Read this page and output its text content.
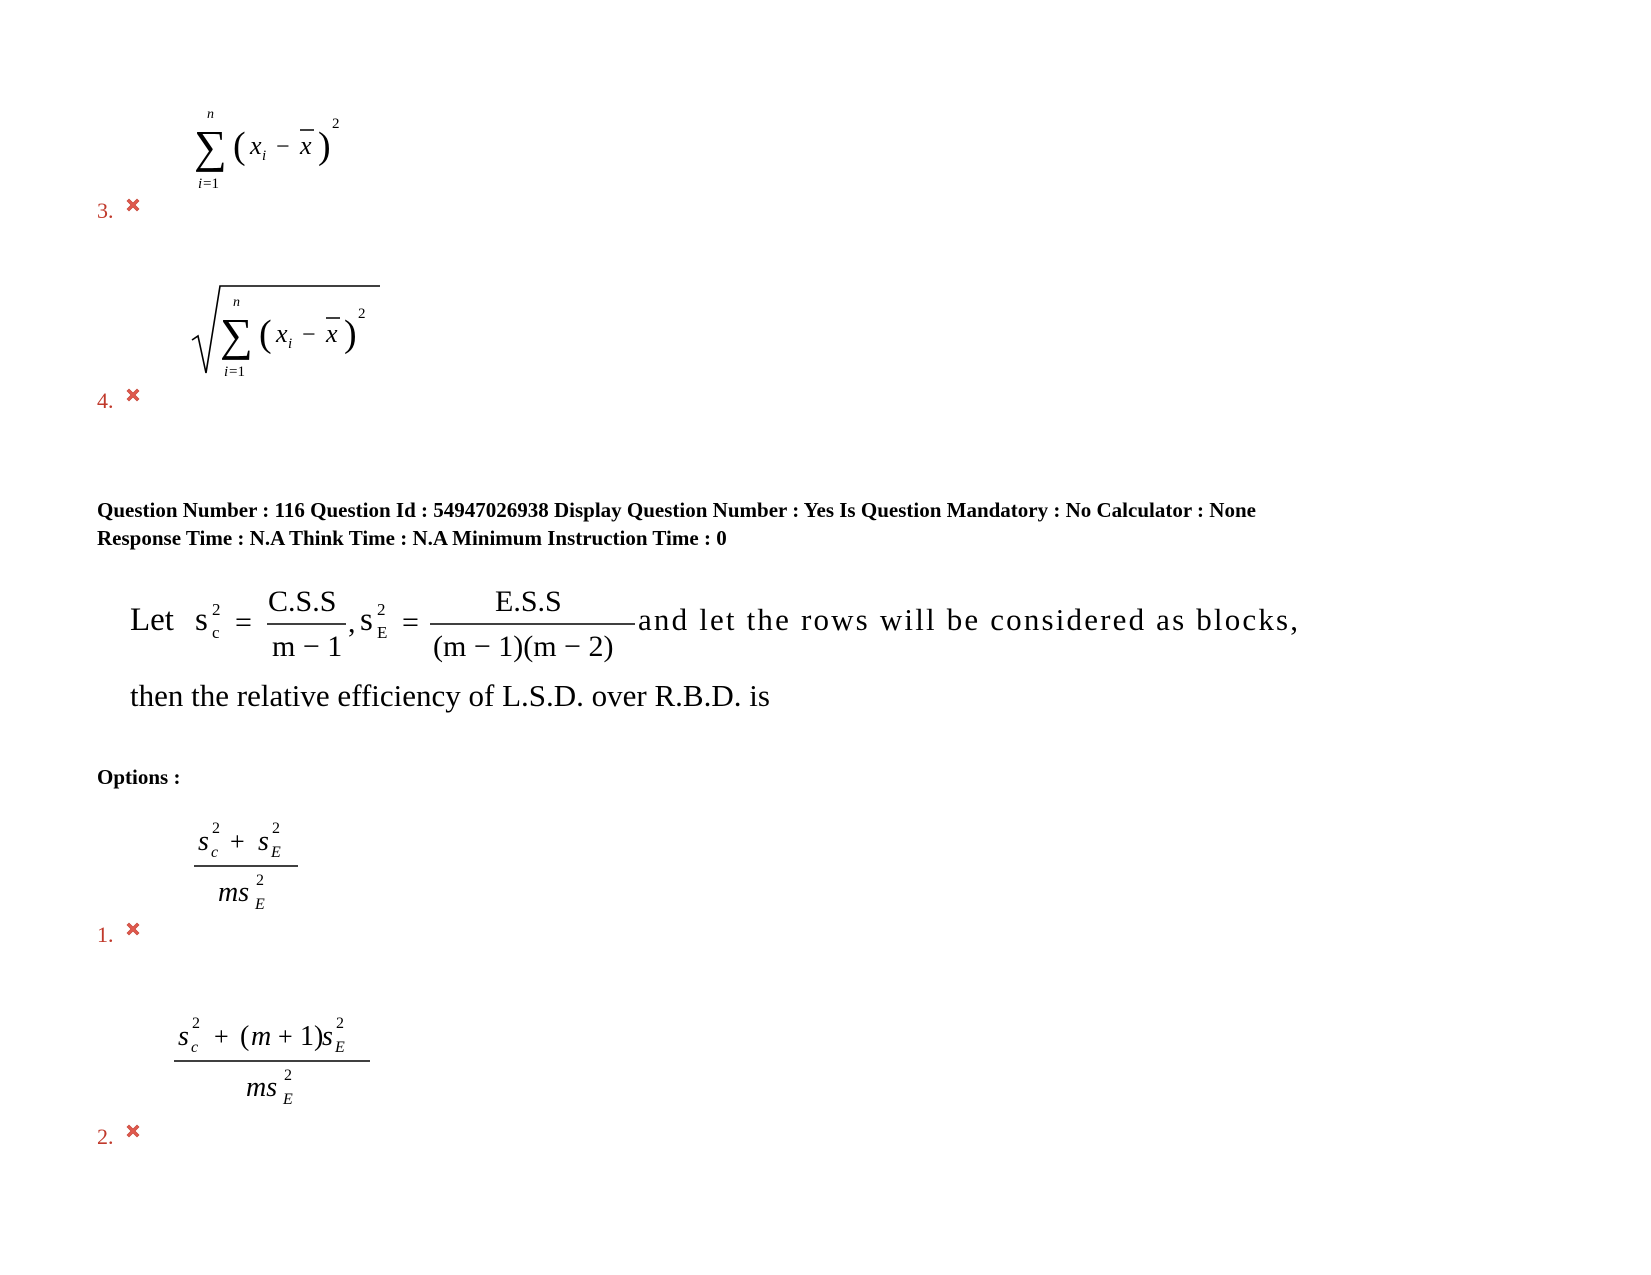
n
∑
i =1
( x i − x )
2
3.
n
∑
i =1
( x i − x ) 2
4.
Question Number : 116 Question Id : 54947026938 Display Question Number : Yes Is Question Mandatory : No Calculator : None
Response Time : N.A Think Time : N.A Minimum Instruction Time : 0
Let s 2
c =
C.S.S
m − 1
, s 2
E =
E.S.S
(m − 1)(m − 2)
and let the rows will be considered as blocks,
then the relative efficiency of L.S.D. over R.B.D. is
Options :
s 2
c + s 2
E
ms 2
E
1.
s 2
c + ( m + 1)
s 2
E
ms 2
E
2.
